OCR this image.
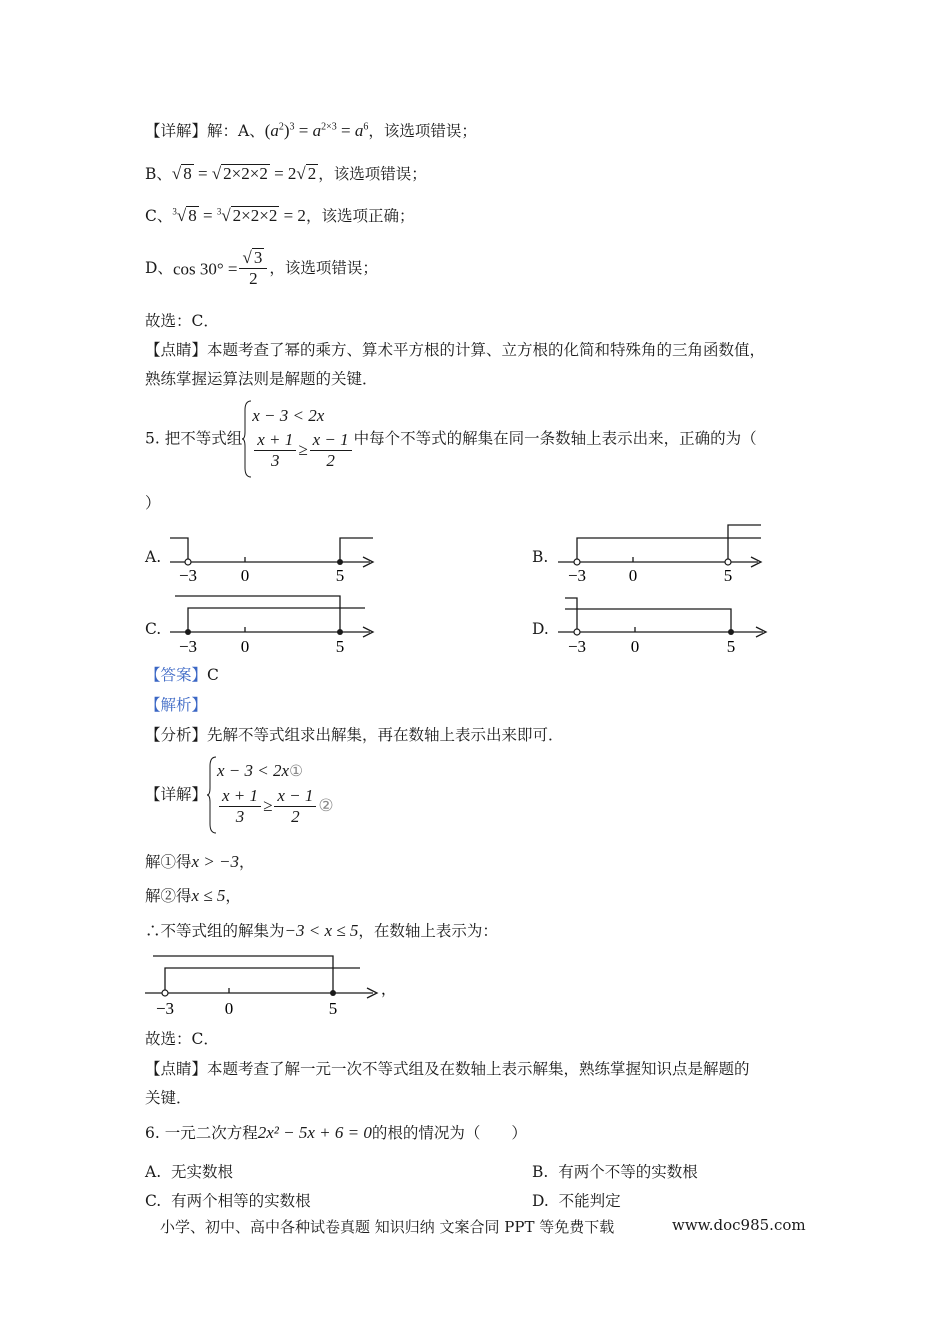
【详解】解：A、$(a^2)^3 = a^{2\times 3} = a^6$，该选项错误；
B、√ 8 = √ 2×2×2 = 2√ 2 ，该选项错误；
C、$^3$√ 8 = $^3$√ 2×2×2 = 2，该选项正确；
D、$\cos 30^\circ = \frac{√ 3}{2}$ ，该选项错误；
故选：C．
【点睛】本题考查了幂的乘方、算术平方根的计算、立方根的化简和特殊角的三角函数值，
熟练掌握运算法则是解题的关键．
5. 把不等式组
x − 3 < 2x
$\frac{x + 1}{3} \ge \frac{x - 1}{2}$ 中每个不等式的解集在同一条数轴上表示出来，正确的为（
）
A.
−3	0	5
B.
−3	0	5
C.
−3	0	5
D.
−3	0	5
【答案】C
【解析】
【分析】先解不等式组求出解集，再在数轴上表示出来即可．
【详解】
x − 3 < 2x①
$\frac{x + 1}{3} \ge \frac{x - 1}{2}$ ②
解①得x > −3，
解②得x ≤ 5，
∴不等式组的解集为−3 < x ≤ 5，在数轴上表示为：
−3	0	5
，
故选：C．
【点睛】本题考查了解一元一次不等式组及在数轴上表示解集，熟练掌握知识点是解题的
关键．
6. 一元二次方程2x² − 5x + 6 = 0的根的情况为（　　）
A. 无实数根	B. 有两个不等的实数根
C. 有两个相等的实数根	D. 不能判定
小学、初中、高中各种试卷真题 知识归纳 文案合同 PPT 等免费下载	www.doc985.com
